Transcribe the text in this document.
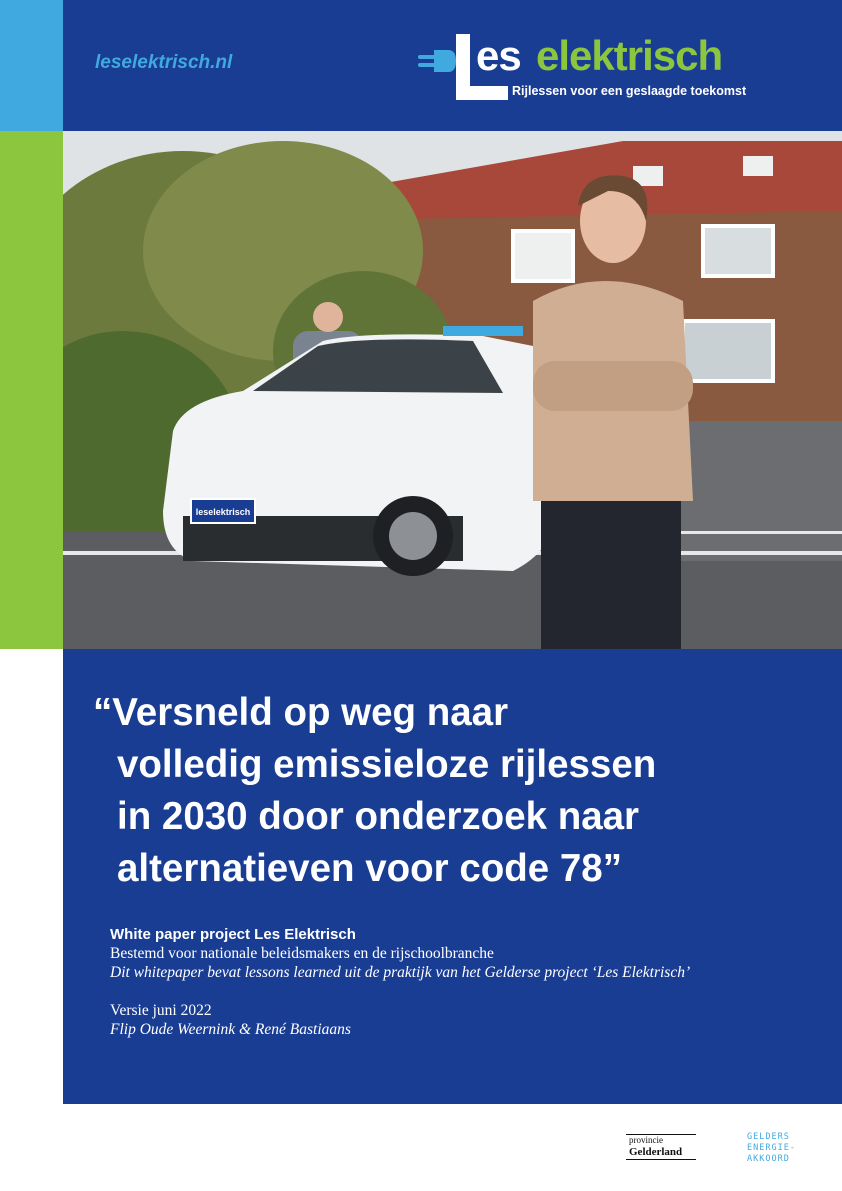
leselektrisch.nl	es elektrisch
Rijlessen voor een geslaagde toekomst
leselektrisch
“Versneld op weg naar
volledig emissieloze rijlessen
in 2030 door onderzoek naar
alternatieven voor code 78”
White paper project Les Elektrisch
Bestemd voor nationale beleidsmakers en de rijschoolbranche
Dit whitepaper bevat lessons learned uit de praktijk van het Gelderse project ‘Les Elektrisch’
Versie juni 2022
Flip Oude Weernink & René Bastiaans
provincie
Gelderland
GELDERS
ENERGIE-
AKKOORD
